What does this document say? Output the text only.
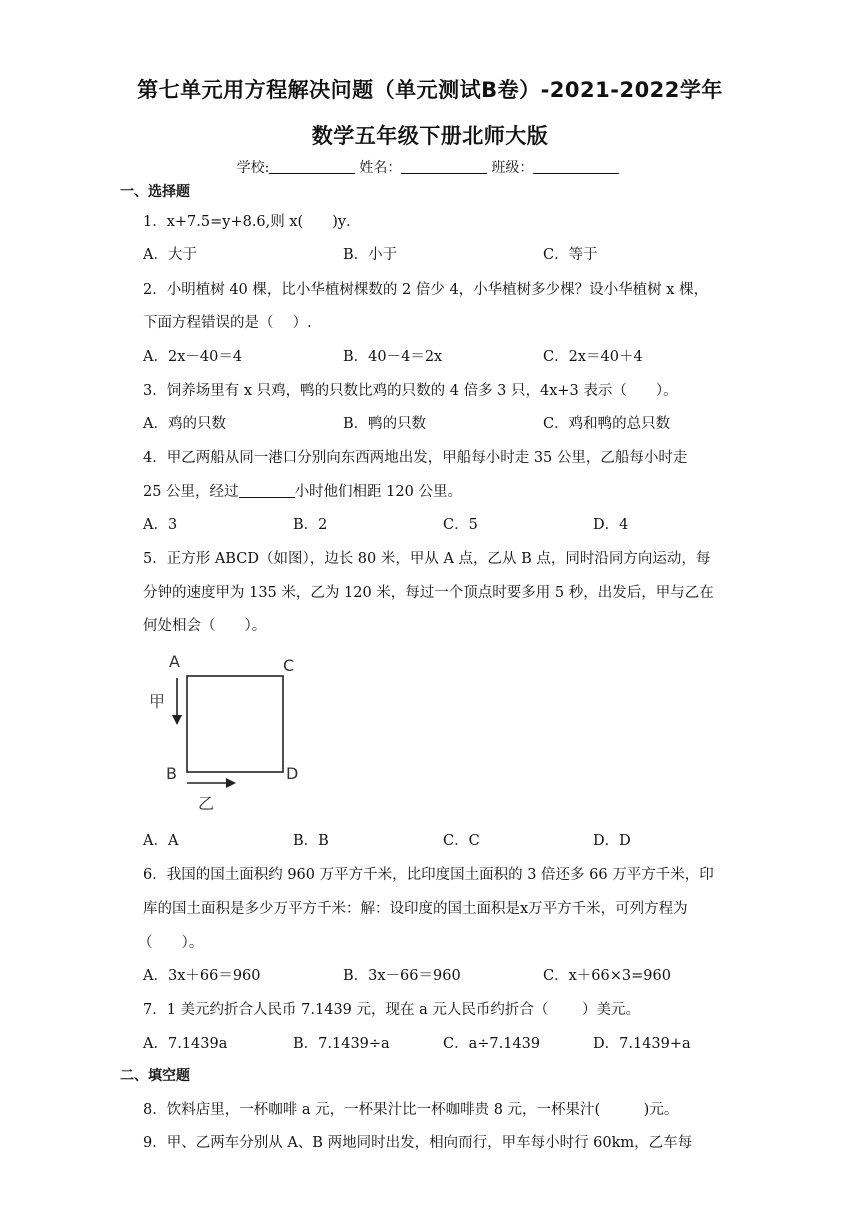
第七单元用方程解决问题（单元测试B卷）-2021-2022学年
数学五年级下册北师大版
学校:	姓名：	班级：
一、选择题
1．x+7.5=y+8.6,则 x(　　)y．
A．大于	B．小于	C．等于
2．小明植树 40 棵，比小华植树棵数的 2 倍少 4，小华植树多少棵？设小华植树 x 棵，
下面方程错误的是（　 ）.
A．2x－40＝4	B．40－4＝2x	C．2x＝40＋4
3．饲养场里有 x 只鸡，鸭的只数比鸡的只数的 4 倍多 3 只，4x+3 表示（　　）。
A．鸡的只数	B．鸭的只数	C．鸡和鸭的总只数
4．甲乙两船从同一港口分别向东西两地出发，甲船每小时走 35 公里，乙船每小时走
25 公里，经过	小时他们相距 120 公里。
A．3	B．2	C．5	D．4
5．正方形 ABCD（如图），边长 80 米，甲从 A 点，乙从 B 点，同时沿同方向运动，每
分钟的速度甲为 135 米，乙为 120 米，每过一个顶点时要多用 5 秒，出发后，甲与乙在
何处相会（　　）。
A	C
B	D
甲
乙
A．A	B．B	C．C	D．D
6．我国的国土面积约 960 万平方千米，比印度国土面积的 3 倍还多 66 万平方千米，印
库的国土面积是多少万平方千米：解：设印度的国土面积是x万平方千米，可列方程为
（　　）。
A．3x＋66＝960	B．3x－66＝960	C．x＋66×3=960
7．1 美元约折合人民币 7.1439 元，现在 a 元人民币约折合（　　 ）美元。
A．7.1439a	B．7.1439÷a	C．a÷7.1439	D．7.1439+a
二、填空题
8．饮料店里，一杯咖啡 a 元，一杯果汁比一杯咖啡贵 8 元，一杯果汁(　　　)元。
9．甲、乙两车分别从 A、B 两地同时出发，相向而行，甲车每小时行 60km，乙车每
